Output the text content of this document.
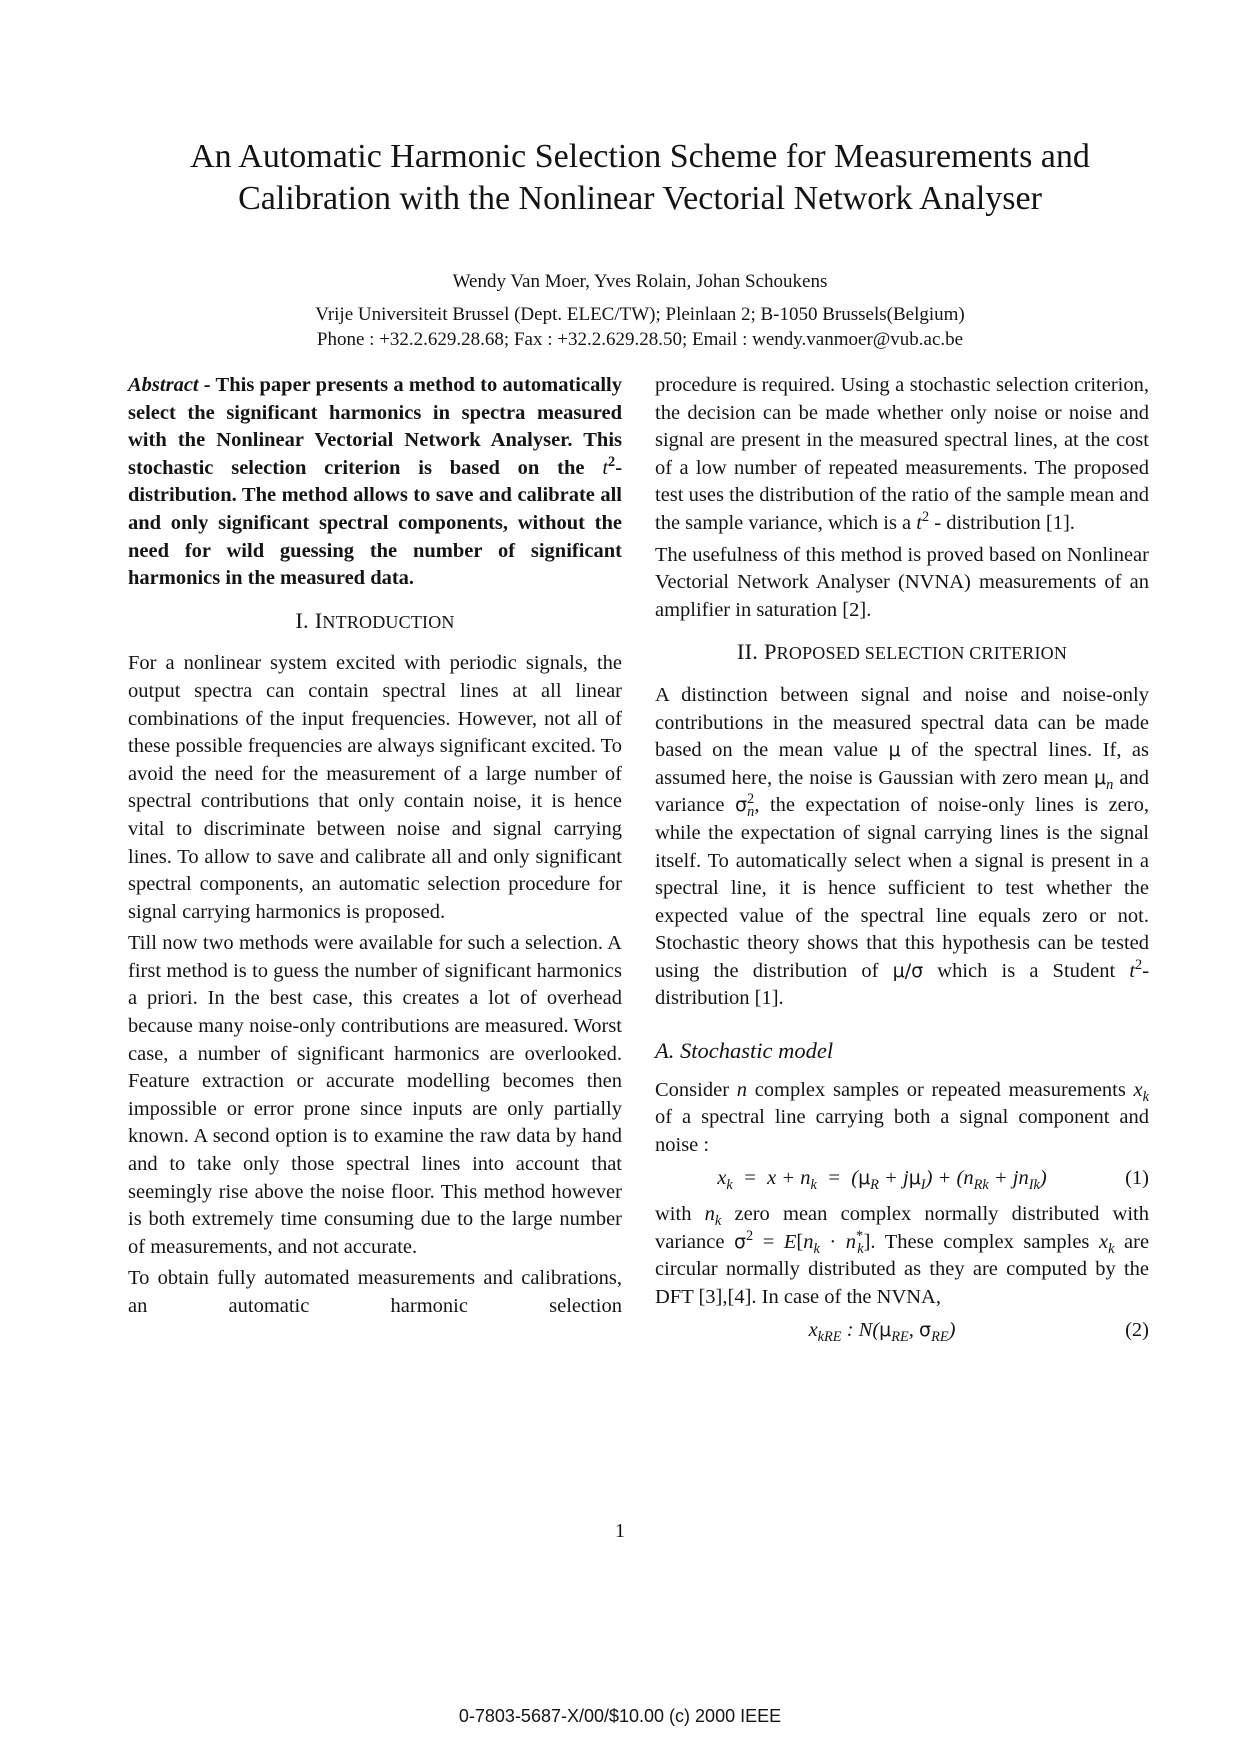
An Automatic Harmonic Selection Scheme for Measurements and
Calibration with the Nonlinear Vectorial Network Analyser
Wendy Van Moer, Yves Rolain, Johan Schoukens
Vrije Universiteit Brussel (Dept. ELEC/TW); Pleinlaan 2; B-1050 Brussels(Belgium)
Phone : +32.2.629.28.68; Fax : +32.2.629.28.50; Email : wendy.vanmoer@vub.ac.be

Abstract - This paper presents a method to automatically select the significant harmonics in spectra measured with the Nonlinear Vectorial Network Analyser. This stochastic selection criterion is based on the $t^2$-distribution. The method allows to save and calibrate all and only significant spectral components, without the need for wild guessing the number of significant harmonics in the measured data.

I. INTRODUCTION

For a nonlinear system excited with periodic signals, the output spectra can contain spectral lines at all linear combinations of the input frequencies. However, not all of these possible frequencies are always significant excited. To avoid the need for the measurement of a large number of spectral contributions that only contain noise, it is hence vital to discriminate between noise and signal carrying lines. To allow to save and calibrate all and only significant spectral components, an automatic selection procedure for signal carrying harmonics is proposed.

Till now two methods were available for such a selection. A first method is to guess the number of significant harmonics a priori. In the best case, this creates a lot of overhead because many noise-only contributions are measured. Worst case, a number of significant harmonics are overlooked. Feature extraction or accurate modelling becomes then impossible or error prone since inputs are only partially known. A second option is to examine the raw data by hand and to take only those spectral lines into account that seemingly rise above the noise floor. This method however is both extremely time consuming due to the large number of measurements, and not accurate.

To obtain fully automated measurements and calibrations, an automatic harmonic selection

procedure is required. Using a stochastic selection criterion, the decision can be made whether only noise or noise and signal are present in the measured spectral lines, at the cost of a low number of repeated measurements. The proposed test uses the distribution of the ratio of the sample mean and the sample variance, which is a $t^2$ - distribution [1].

The usefulness of this method is proved based on Nonlinear Vectorial Network Analyser (NVNA) measurements of an amplifier in saturation [2].

II. PROPOSED SELECTION CRITERION

A distinction between signal and noise and noise-only contributions in the measured spectral data can be made based on the mean value μ of the spectral lines. If, as assumed here, the noise is Gaussian with zero mean $\mu_n$ and variance $\sigma^2_n$, the expectation of noise-only lines is zero, while the expectation of signal carrying lines is the signal itself. To automatically select when a signal is present in a spectral line, it is hence sufficient to test whether the expected value of the spectral line equals zero or not. Stochastic theory shows that this hypothesis can be tested using the distribution of μ/σ which is a Student $t^2$-distribution [1].

A. Stochastic model

Consider n complex samples or repeated measurements $x_k$ of a spectral line carrying both a signal component and noise :

$x_k = x + n_k = (\mu_R + j\mu_I) + (n_{Rk} + jn_{Ik})$	(1)

with $n_k$ zero mean complex normally distributed with variance $\sigma^2 = E[n_k \cdot n^*_k]$. These complex samples $x_k$ are circular normally distributed as they are computed by the DFT [3],[4]. In case of the NVNA,

$x_{kRE}$ : $N(\mu_{RE}$, $\sigma_{RE}$)	(2)
1
0-7803-5687-X/00/$10.00 (c) 2000 IEEE
